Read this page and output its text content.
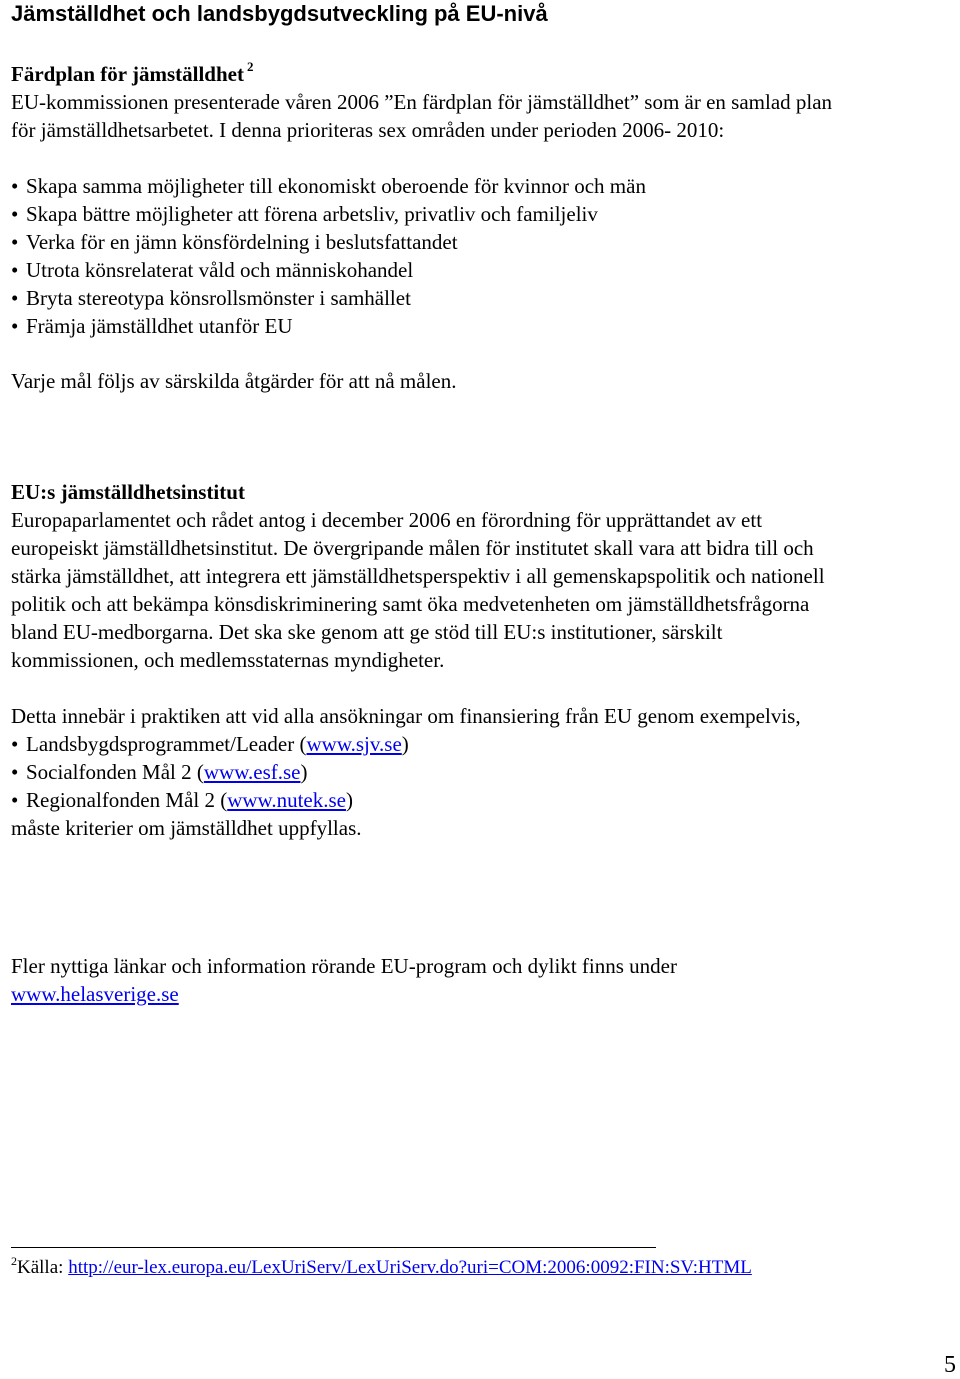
Jämställdhet och landsbygdsutveckling på EU-nivå
Färdplan för jämställdhet $^2$
EU-kommissionen presenterade våren 2006 ”En färdplan för jämställdhet” som är en samlad plan
för jämställdhetsarbetet. I denna prioriteras sex områden under perioden 2006- 2010:
• Skapa samma möjligheter till ekonomiskt oberoende för kvinnor och män
• Skapa bättre möjligheter att förena arbetsliv, privatliv och familjeliv
• Verka för en jämn könsfördelning i beslutsfattandet
• Utrota könsrelaterat våld och människohandel
• Bryta stereotypa könsrollsmönster i samhället
• Främja jämställdhet utanför EU
Varje mål följs av särskilda åtgärder för att nå målen.
EU:s jämställdhetsinstitut
Europaparlamentet och rådet antog i december 2006 en förordning för upprättandet av ett
europeiskt jämställdhetsinstitut. De övergripande målen för institutet skall vara att bidra till och
stärka jämställdhet, att integrera ett jämställdhetsperspektiv i all gemenskapspolitik och nationell
politik och att bekämpa könsdiskriminering samt öka medvetenheten om jämställdhetsfrågorna
bland EU-medborgarna. Det ska ske genom att ge stöd till EU:s institutioner, särskilt
kommissionen, och medlemsstaternas myndigheter.
Detta innebär i praktiken att vid alla ansökningar om finansiering från EU genom exempelvis,
• Landsbygdsprogrammet/Leader (www.sjv.se)
• Socialfonden Mål 2 (www.esf.se)
• Regionalfonden Mål 2 (www.nutek.se)
måste kriterier om jämställdhet uppfyllas.
Fler nyttiga länkar och information rörande EU-program och dylikt finns under
www.helasverige.se
$^2$Källa: http://eur-lex.europa.eu/LexUriServ/LexUriServ.do?uri=COM:2006:0092:FIN:SV:HTML
5
